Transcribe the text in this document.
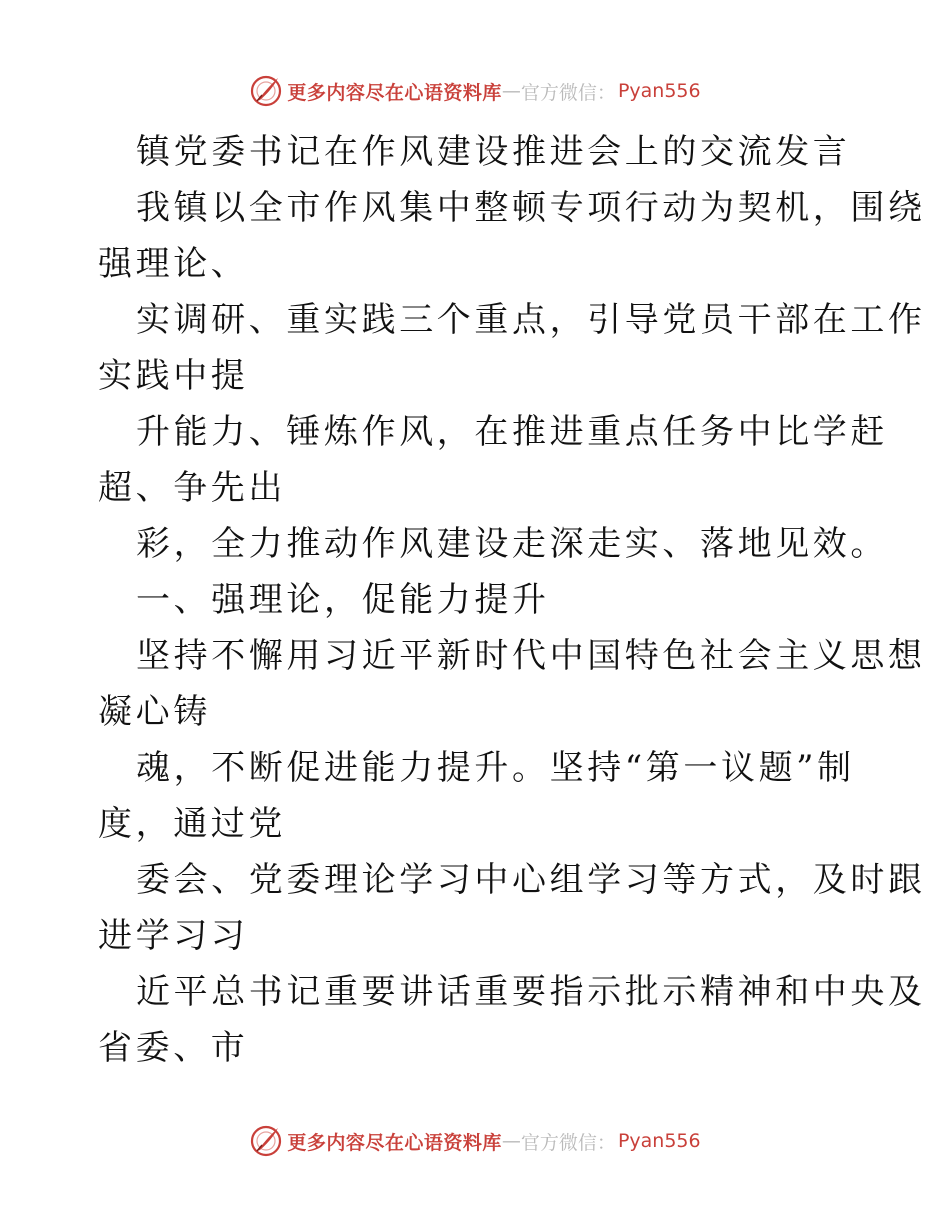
更多内容尽在心语资料库 — 官方微信： Pyan556
镇党委书记在作风建设推进会上的交流发言
我镇以全市作风集中整顿专项行动为契机，围绕
强理论、
实调研、重实践三个重点，引导党员干部在工作
实践中提
升能力、锤炼作风，在推进重点任务中比学赶
超、争先出
彩，全力推动作风建设走深走实、落地见效。
一、强理论，促能力提升
坚持不懈用习近平新时代中国特色社会主义思想
凝心铸
魂，不断促进能力提升。坚持“第一议题”制
度，通过党
委会、党委理论学习中心组学习等方式，及时跟
进学习习
近平总书记重要讲话重要指示批示精神和中央及
省委、市
更多内容尽在心语资料库 — 官方微信： Pyan556
